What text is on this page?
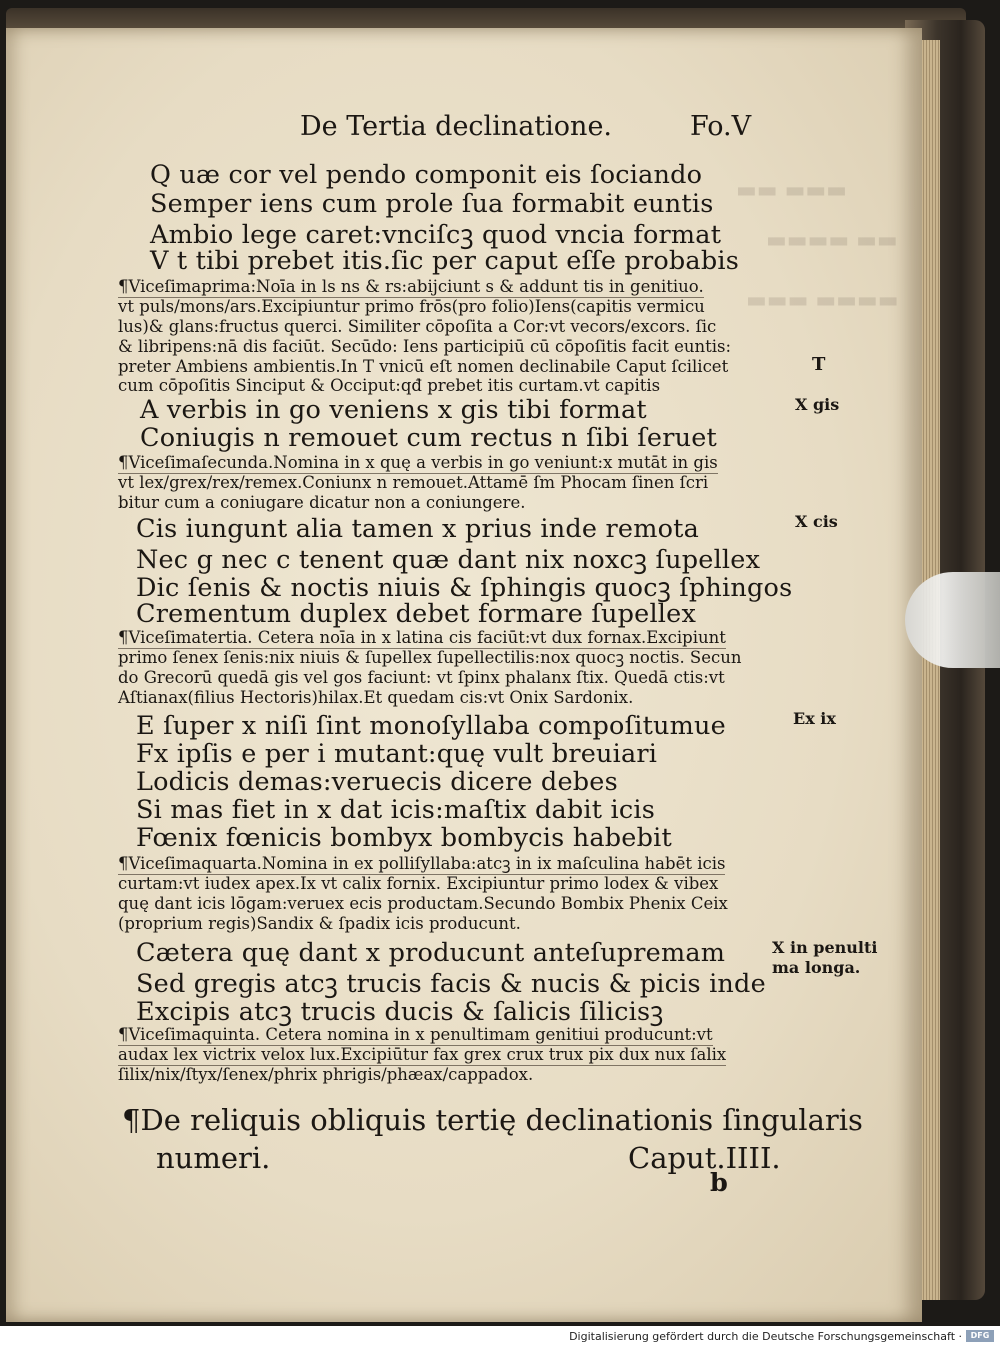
▬▬ ▬▬▬
▬▬▬▬ ▬▬
▬▬▬ ▬▬▬▬
De Tertia declinatione.	Fo.V
Q uæ cor vel pendo componit eis ſociando
Semper iens cum prole ſua formabit euntis
Ambio lege caret:vnciſcꝫ quod vncia format
V t tibi prebet itis.ſic per caput eſſe probabis
¶Viceſimaprima:Noīa in ls ns & rs:abijciunt s & addunt tis in genitiuo.
vt puls/mons/ars.Excipiuntur primo frōs(pro folio)Iens(capitis vermicu
lus)& glans:fructus querci. Similiter cōpoſita a Cor:vt vecors/excors. ſic
& libripens:nā dis faciūt. Secūdo: Iens participiū cū cōpoſitis facit euntis:
preter Ambiens ambientis.In T vnicū eſt nomen declinabile Caput ſcilicet
cum cōpoſitis Sinciput & Occiput:qđ prebet itis curtam.vt capitis
A verbis in go veniens x gis tibi format
Coniugis n remouet cum rectus n ſibi ſeruet
¶Viceſimaſecunda.Nomina in x quę a verbis in go veniunt:x mutāt in gis
vt lex/grex/rex/remex.Coniunx n remouet.Attamē ſm Phocam ſinen ſcri
bitur cum a coniugare dicatur non a coniungere.
Cis iungunt alia tamen x prius inde remota
Nec g nec c tenent quæ dant nix noxcꝫ ſupellex
Dic ſenis & noctis niuis & ſphingis quocꝫ ſphingos
Crementum duplex debet formare ſupellex
¶Viceſimatertia. Cetera noīa in x latina cis faciūt:vt dux fornax.Excipiunt
primo ſenex ſenis:nix niuis & ſupellex ſupellectilis:nox quocꝫ noctis. Secun
do Grecorū quedā gis vel gos faciunt: vt ſpinx phalanx ſtix. Quedā ctis:vt
Aſtianax(filius Hectoris)hilax.Et quedam cis:vt Onix Sardonix.
E ſuper x niſi ſint monoſyllaba compoſitumue
Fx ipſis e per i mutant:quę vult breuiari
Lodicis demas:veruecis dicere debes
Si mas fiet in x dat icis:maſtix dabit icis
Fœnix fœnicis bombyx bombycis habebit
¶Viceſimaquarta.Nomina in ex polliſyllaba:atcꝫ in ix maſculina habēt icis
curtam:vt iudex apex.Ix vt calix fornix. Excipiuntur primo lodex & vibex
quę dant icis lōgam:veruex ecis productam.Secundo Bombix Phenix Ceix
(proprium regis)Sandix & ſpadix icis producunt.
Cætera quę dant x producunt anteſupremam
Sed gregis atcꝫ trucis facis & nucis & picis inde
Excipis atcꝫ trucis ducis & ſalicis ſilicisꝫ
¶Viceſimaquinta. Cetera nomina in x penultimam genitiui producunt:vt
audax lex victrix velox lux.Excipiūtur fax grex crux trux pix dux nux ſalix
ſilix/nix/ſtyx/ſenex/phrix phrigis/phæax/cappadox.
T
X gis
X cis
Ex ix
X in penulti
ma longa.
¶De reliquis obliquis tertię declinationis ſingularis
numeri.	Caput.IIII.
b
Digitalisierung gefördert durch die Deutsche Forschungsgemeinschaft ·	DFG
